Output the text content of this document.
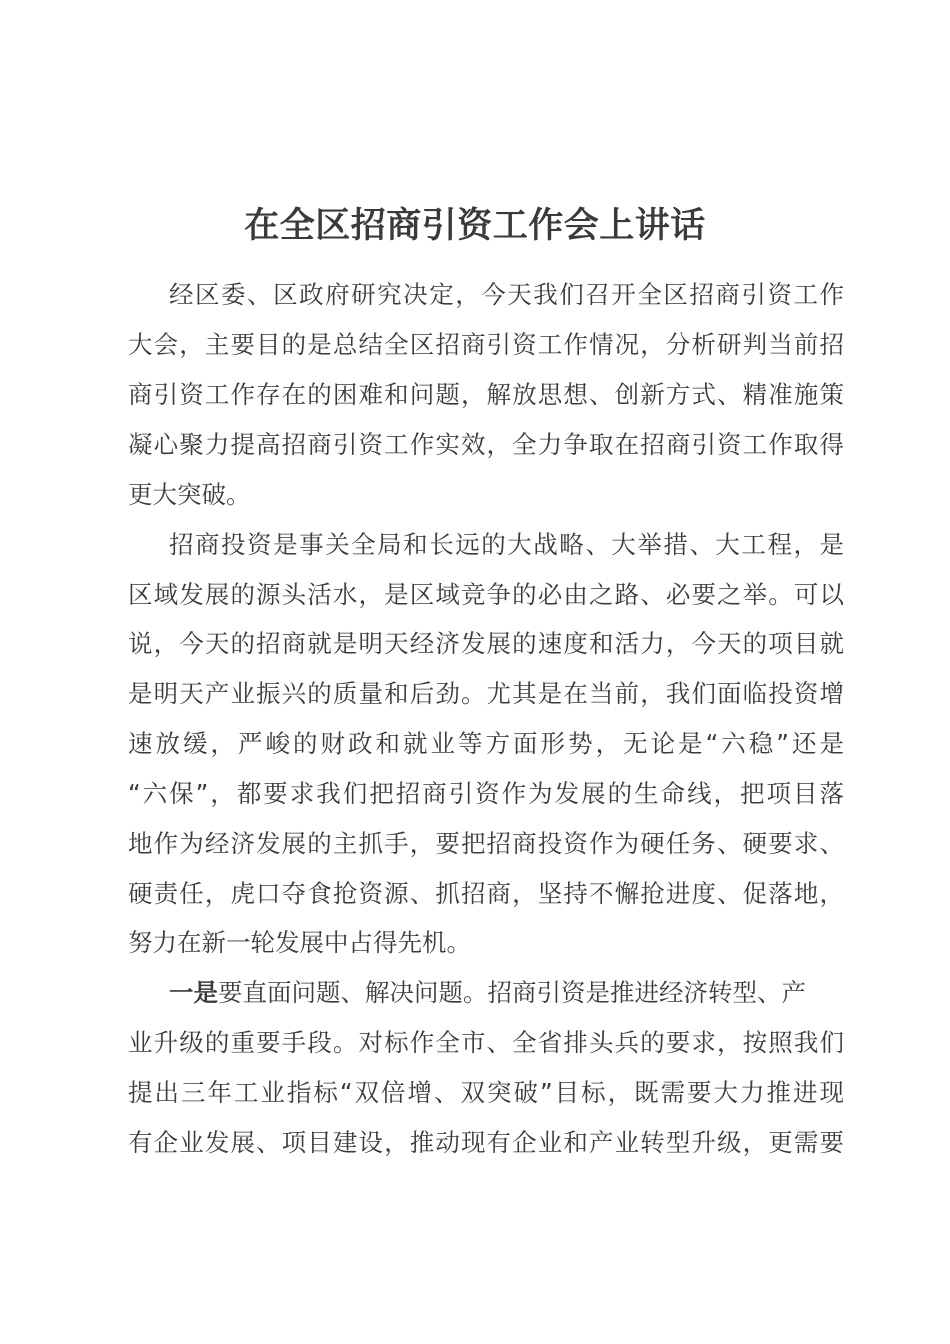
在全区招商引资工作会上讲话
经区委、区政府研究决定，今天我们召开全区招商引资工作
大会，主要目的是总结全区招商引资工作情况，分析研判当前招
商引资工作存在的困难和问题，解放思想、创新方式、精准施策
凝心聚力提高招商引资工作实效，全力争取在招商引资工作取得
更大突破。
招商投资是事关全局和长远的大战略、大举措、大工程，是
区域发展的源头活水，是区域竞争的必由之路、必要之举。可以
说，今天的招商就是明天经济发展的速度和活力，今天的项目就
是明天产业振兴的质量和后劲。尤其是在当前，我们面临投资增
速放缓，严峻的财政和就业等方面形势，无论是“六稳”还是
“六保”，都要求我们把招商引资作为发展的生命线，把项目落
地作为经济发展的主抓手，要把招商投资作为硬任务、硬要求、
硬责任，虎口夺食抢资源、抓招商，坚持不懈抢进度、促落地，
努力在新一轮发展中占得先机。
一是要直面问题、解决问题。招商引资是推进经济转型、产
业升级的重要手段。对标作全市、全省排头兵的要求，按照我们
提出三年工业指标“双倍增、双突破”目标，既需要大力推进现
有企业发展、项目建设，推动现有企业和产业转型升级，更需要
